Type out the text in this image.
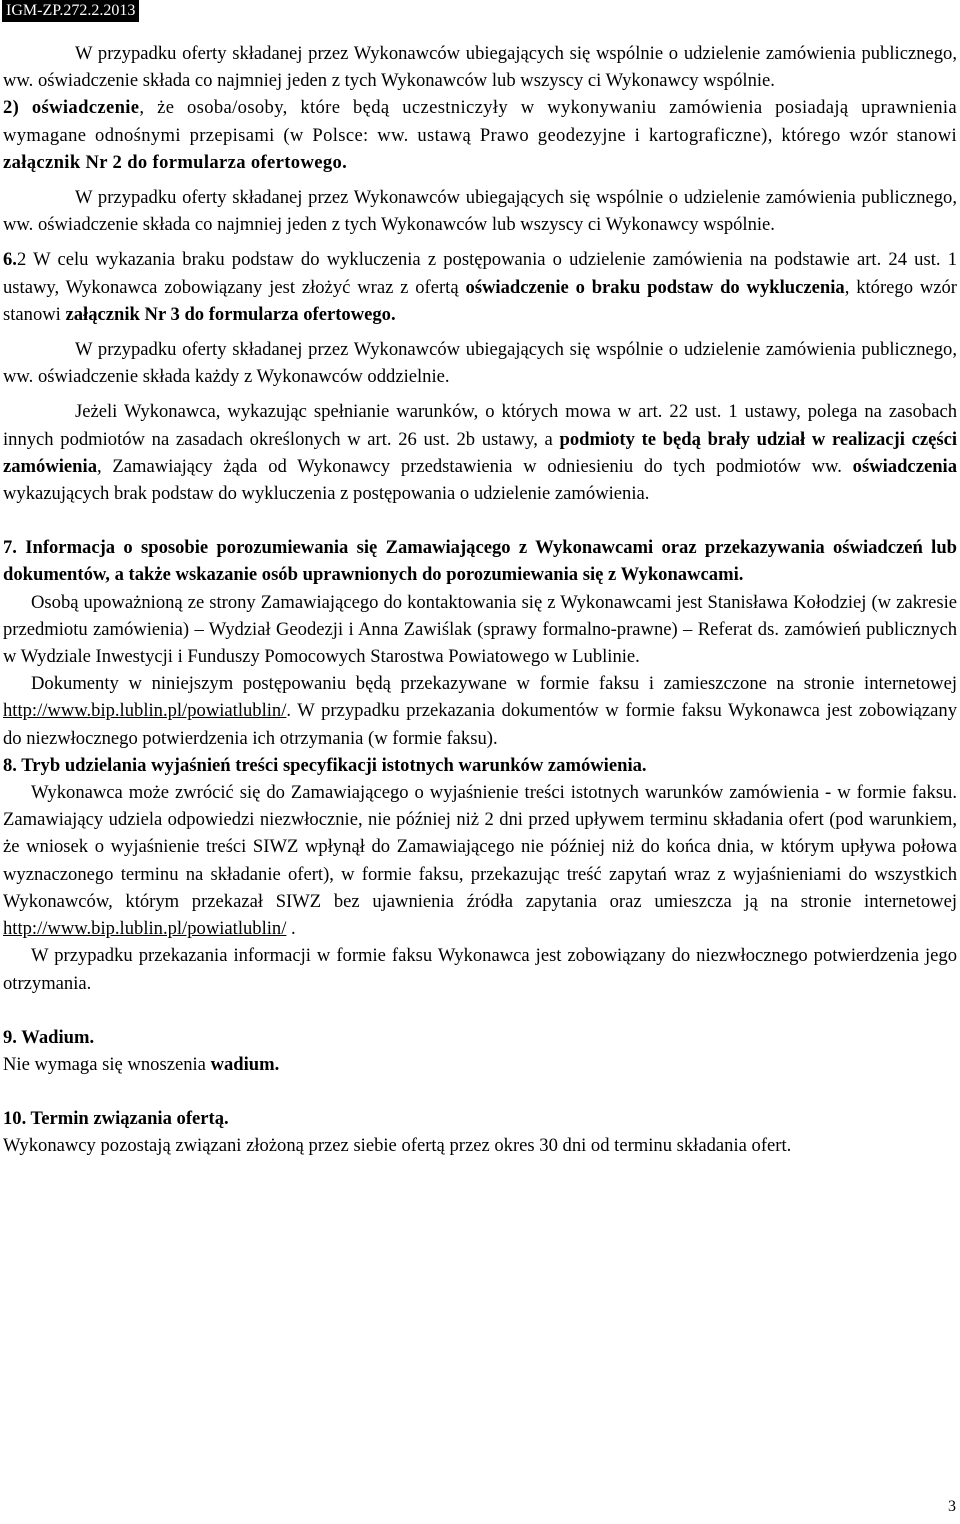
IGM-ZP.272.2.2013

W przypadku oferty składanej przez Wykonawców ubiegających się wspólnie o udzielenie zamówienia publicznego, ww. oświadczenie składa co najmniej jeden z tych Wykonawców lub wszyscy ci Wykonawcy wspólnie.

2) oświadczenie, że osoba/osoby, które będą uczestniczyły w wykonywaniu zamówienia posiadają uprawnienia wymagane odnośnymi przepisami (w Polsce: ww. ustawą Prawo geodezyjne i kartograficzne), którego wzór stanowi załącznik Nr 2 do formularza ofertowego.

W przypadku oferty składanej przez Wykonawców ubiegających się wspólnie o udzielenie zamówienia publicznego, ww. oświadczenie składa co najmniej jeden z tych Wykonawców lub wszyscy ci Wykonawcy wspólnie.

6.2 W celu wykazania braku podstaw do wykluczenia z postępowania o udzielenie zamówienia na podstawie art. 24 ust. 1 ustawy, Wykonawca zobowiązany jest złożyć wraz z ofertą oświadczenie o braku podstaw do wykluczenia, którego wzór stanowi załącznik Nr 3 do formularza ofertowego.

W przypadku oferty składanej przez Wykonawców ubiegających się wspólnie o udzielenie zamówienia publicznego, ww. oświadczenie składa każdy z Wykonawców oddzielnie.

Jeżeli Wykonawca, wykazując spełnianie warunków, o których mowa w art. 22 ust. 1 ustawy, polega na zasobach innych podmiotów na zasadach określonych w art. 26 ust. 2b ustawy, a podmioty te będą brały udział w realizacji części zamówienia, Zamawiający żąda od Wykonawcy przedstawienia w odniesieniu do tych podmiotów ww. oświadczenia wykazujących brak podstaw do wykluczenia z postępowania o udzielenie zamówienia.

7. Informacja o sposobie porozumiewania się Zamawiającego z Wykonawcami oraz przekazywania oświadczeń lub dokumentów, a także wskazanie osób uprawnionych do porozumiewania się z Wykonawcami.

Osobą upoważnioną ze strony Zamawiającego do kontaktowania się z Wykonawcami jest Stanisława Kołodziej (w zakresie przedmiotu zamówienia) – Wydział Geodezji i Anna Zawiślak (sprawy formalno-prawne) – Referat ds. zamówień publicznych w Wydziale Inwestycji i Funduszy Pomocowych Starostwa Powiatowego w Lublinie.

Dokumenty w niniejszym postępowaniu będą przekazywane w formie faksu i zamieszczone na stronie internetowej http://www.bip.lublin.pl/powiatlublin/. W przypadku przekazania dokumentów w formie faksu Wykonawca jest zobowiązany do niezwłocznego potwierdzenia ich otrzymania (w formie faksu).

8. Tryb udzielania wyjaśnień treści specyfikacji istotnych warunków zamówienia.

Wykonawca może zwrócić się do Zamawiającego o wyjaśnienie treści istotnych warunków zamówienia - w formie faksu. Zamawiający udziela odpowiedzi niezwłocznie, nie później niż 2 dni przed upływem terminu składania ofert (pod warunkiem, że wniosek o wyjaśnienie treści SIWZ wpłynął do Zamawiającego nie później niż do końca dnia, w którym upływa połowa wyznaczonego terminu na składanie ofert), w formie faksu, przekazując treść zapytań wraz z wyjaśnieniami do wszystkich Wykonawców, którym przekazał SIWZ bez ujawnienia źródła zapytania oraz umieszcza ją na stronie internetowej http://www.bip.lublin.pl/powiatlublin/ .

W przypadku przekazania informacji w formie faksu Wykonawca jest zobowiązany do niezwłocznego potwierdzenia jego otrzymania.

9. Wadium.

Nie wymaga się wnoszenia wadium.

10. Termin związania ofertą.

Wykonawcy pozostają związani złożoną przez siebie ofertą przez okres 30 dni od terminu składania ofert.

3
